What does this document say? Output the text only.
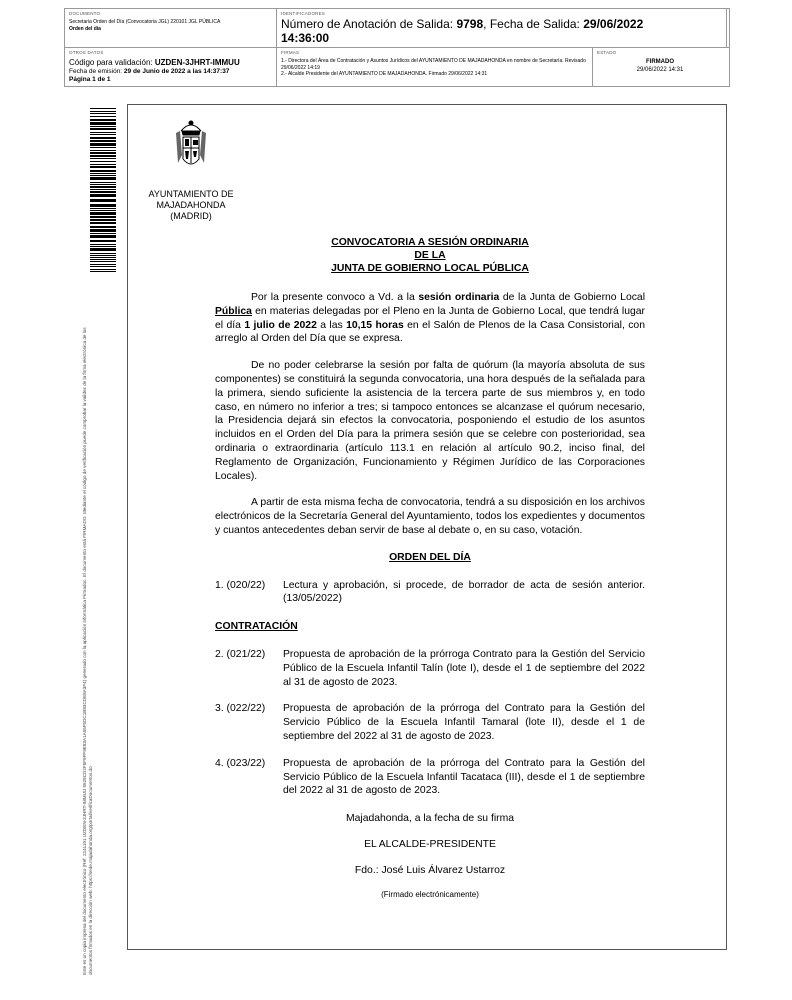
DOCUMENTO
Secretaria Orden del Día (Convocatoria JGL) 220101 JGL PÚBLICA
Orden del día
IDENTIFICADORES
Número de Anotación de Salida: 9798, Fecha de Salida: 29/06/2022
14:36:00
OTROS DATOS
Código para validación: UZDEN-3JHRT-IMMUU
Fecha de emisión: 29 de Junio de 2022 a las 14:37:37
Página 1 de 1
FIRMAS
1.- Directora del Área de Contratación y Asuntos Jurídicos del AYUNTAMIENTO DE MAJADAHONDA en nombre de Secretaría. Revisado 29/06/2022 14:19
2.- Alcalde Presidente del AYUNTAMIENTO DE MAJADAHONDA. Firmado 29/06/2022 14:31
ESTADO
FIRMADO
29/06/2022 14:31
Este es un copia impresa del documento electrónico (Ref: 2241191 UZDEN-3JHRT-IMMUU 5528CD2F5F9FF9E83A1A55F5DC1B83CDE8A3F4) generado con la aplicación informática Firmadoc. El documento está FIRMADO. Mediante el código de verificación puede comprobar la validez de la firma electrónica de los documentos firmados en la dirección web: https://sede.majadahonda.org/portal/verificaDocumentos.do
AYUNTAMIENTO DE
MAJADAHONDA
(MADRID)
CONVOCATORIA A SESIÓN ORDINARIA
DE LA
JUNTA DE GOBIERNO LOCAL PÚBLICA

Por la presente convoco a Vd. a la sesión ordinaria de la Junta de Gobierno Local Pública en materias delegadas por el Pleno en la Junta de Gobierno Local, que tendrá lugar el día 1 julio de 2022 a las 10,15 horas en el Salón de Plenos de la Casa Consistorial, con arreglo al Orden del Día que se expresa.

De no poder celebrarse la sesión por falta de quórum (la mayoría absoluta de sus componentes) se constituirá la segunda convocatoria, una hora después de la señalada para la primera, siendo suficiente la asistencia de la tercera parte de sus miembros y, en todo caso, en número no inferior a tres; si tampoco entonces se alcanzase el quórum necesario, la Presidencia dejará sin efectos la convocatoria, posponiendo el estudio de los asuntos incluidos en el Orden del Día para la primera sesión que se celebre con posterioridad, sea ordinaria o extraordinaria (artículo 113.1 en relación al artículo 90.2, inciso final, del Reglamento de Organización, Funcionamiento y Régimen Jurídico de las Corporaciones Locales).

A partir de esta misma fecha de convocatoria, tendrá a su disposición en los archivos electrónicos de la Secretaría General del Ayuntamiento, todos los expedientes y documentos y cuantos antecedentes deban servir de base al debate o, en su caso, votación.

ORDEN DEL DÍA
1. (020/22)	Lectura y aprobación, si procede, de borrador de acta de sesión anterior. (13/05/2022)
CONTRATACIÓN
2. (021/22)	Propuesta de aprobación de la prórroga Contrato para la Gestión del Servicio Público de la Escuela Infantil Talín (lote I), desde el 1 de septiembre del 2022 al 31 de agosto de 2023.
3. (022/22)	Propuesta de aprobación de la prórroga del Contrato para la Gestión del Servicio Público de la Escuela Infantil Tamaral (lote II), desde el 1 de septiembre del 2022 al 31 de agosto de 2023.
4. (023/22)	Propuesta de aprobación de la prórroga del Contrato para la Gestión del Servicio Público de la Escuela Infantil Tacataca (III), desde el 1 de septiembre del 2022 al 31 de agosto de 2023.
Majadahonda, a la fecha de su firma
EL ALCALDE-PRESIDENTE
Fdo.: José Luis Álvarez Ustarroz
(Firmado electrónicamente)
